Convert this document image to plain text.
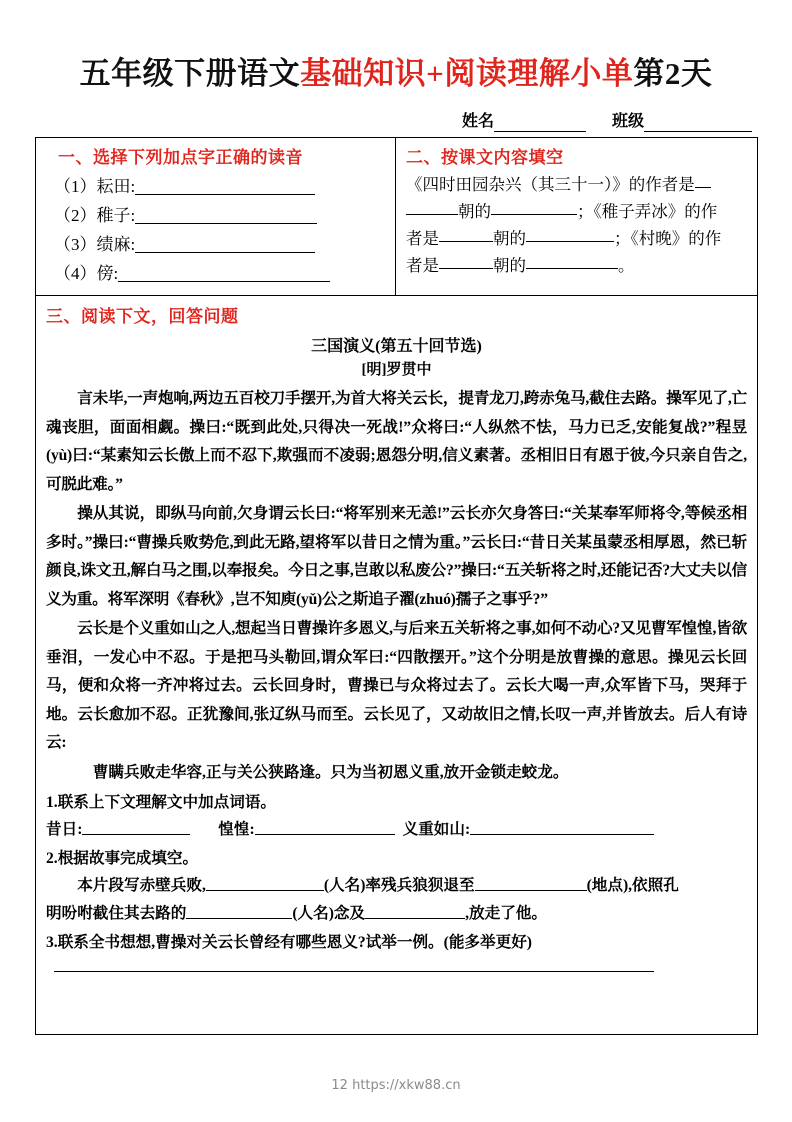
五年级下册语文基础知识+阅读理解小单第2天
姓名	班级
一、选择下列加点字正确的读音
（1）耘田:
（2）稚子:
（3）绩麻:
（4）傍:
二、按课文内容填空
《四时田园杂兴（其三十一）》的作者是
朝的	；《稚子弄冰》的作
者是	朝的	；《村晚》的作
者是	朝的	。
三、阅读下文，回答问题
三国演义(第五十回节选)
[明]罗贯中

言未毕,一声炮响,两边五百校刀手摆开,为首大将关云长，提青龙刀,跨赤兔马,截住去路。操军见了,亡魂丧胆，面面相觑。操曰:“既到此处,只得决一死战!”众将曰:“人纵然不怯，马力已乏,安能复战?”程昱(yù)曰:“某素知云长傲上而不忍下,欺强而不凌弱;恩怨分明,信义素著。丞相旧日有恩于彼,今只亲自告之,可脱此难。”

操从其说，即纵马向前,欠身谓云长曰:“将军别来无恙!”云长亦欠身答曰:“关某奉军师将令,等候丞相多时。”操曰:“曹操兵败势危,到此无路,望将军以昔日之情为重。”云长曰:“昔日关某虽蒙丞相厚恩，然已斩颜良,诛文丑,解白马之围,以奉报矣。今日之事,岂敢以私废公?”操曰:“五关斩将之时,还能记否?大丈夫以信义为重。将军深明《春秋》,岂不知庾(yǔ)公之斯追子濯(zhuó)孺子之事乎?”

云长是个义重如山之人,想起当日曹操许多恩义,与后来五关斩将之事,如何不动心?又见曹军惶惶,皆欲垂泪，一发心中不忍。于是把马头勒回,谓众军曰:“四散摆开。”这个分明是放曹操的意思。操见云长回马，便和众将一齐冲将过去。云长回身时，曹操已与众将过去了。云长大喝一声,众军皆下马，哭拜于地。云长愈加不忍。正犹豫间,张辽纵马而至。云长见了，又动故旧之情,长叹一声,并皆放去。后人有诗云:

曹瞒兵败走华容,正与关公狭路逢。只为当初恩义重,放开金锁走蛟龙。

1.联系上下文理解文中加点词语。
昔日:	惶惶:	义重如山:
2.根据故事完成填空。
本片段写赤壁兵败,	(人名)率残兵狼狈退至	(地点),依照孔
明吩咐截住其去路的	(人名)念及	,放走了他。
3.联系全书想想,曹操对关云长曾经有哪些恩义?试举一例。(能多举更好)
12 https://xkw88.cn
